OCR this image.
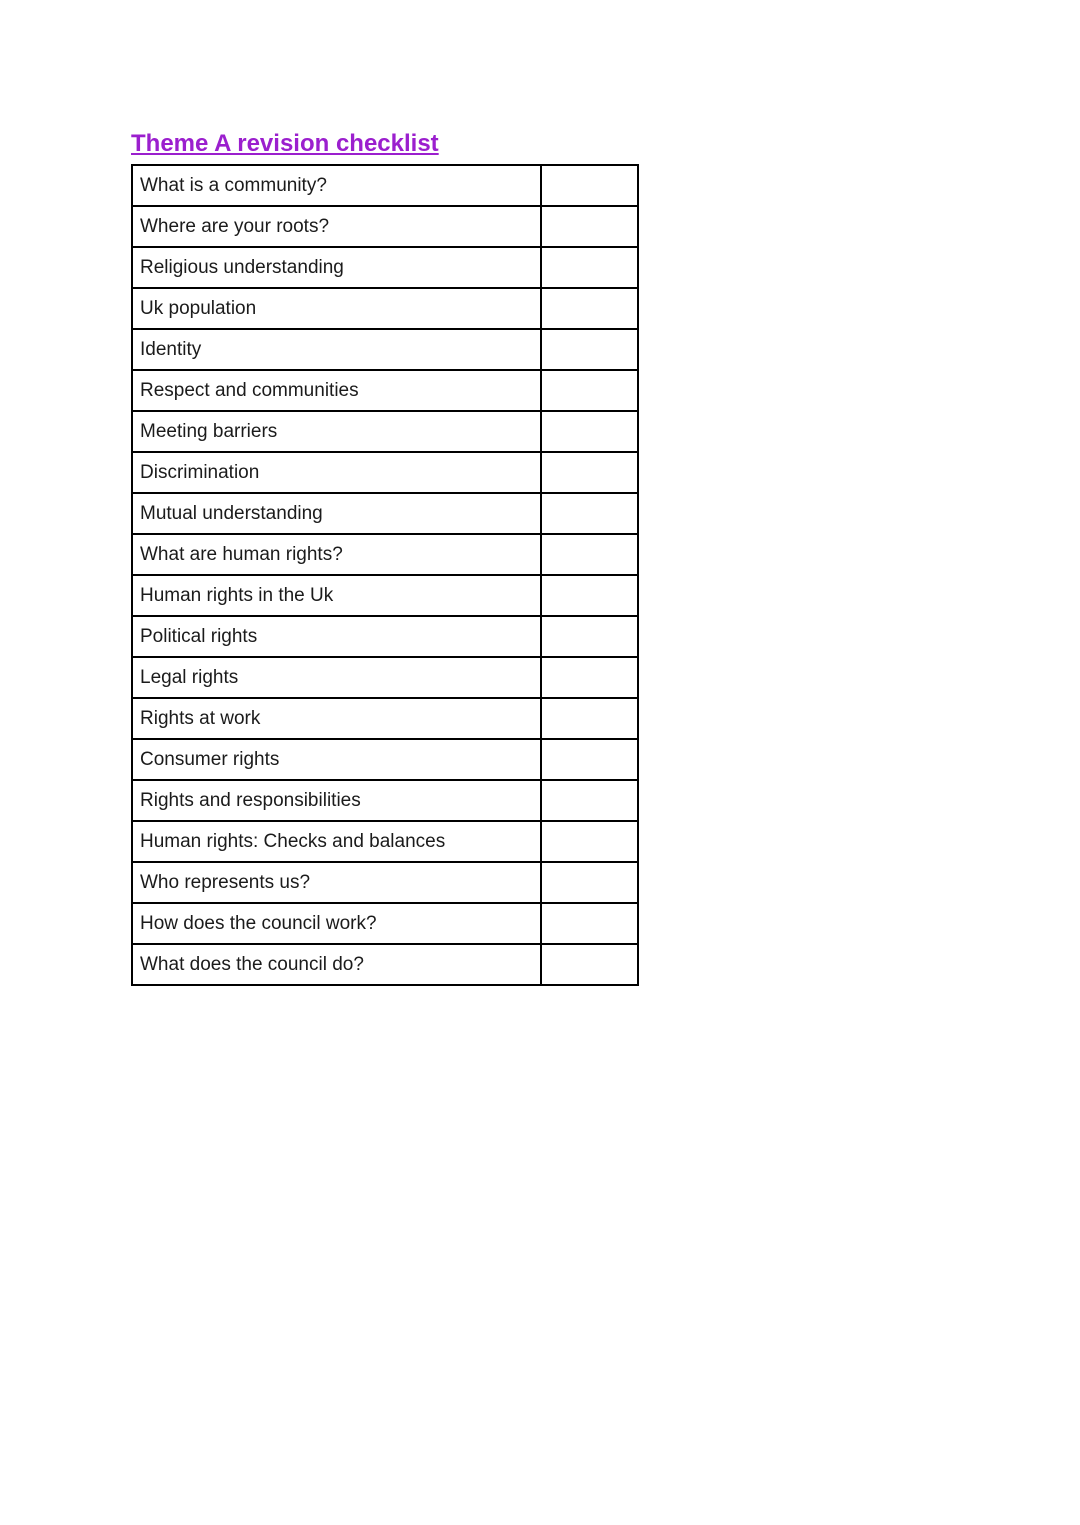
Theme A revision checklist
What is a community?	
Where are your roots?	
Religious understanding	
Uk population	
Identity	
Respect and communities	
Meeting barriers	
Discrimination	
Mutual understanding	
What are human rights?	
Human rights in the Uk	
Political rights	
Legal rights	
Rights at work	
Consumer rights	
Rights and responsibilities	
Human rights: Checks and balances	
Who represents us?	
How does the council work?	
What does the council do?	
